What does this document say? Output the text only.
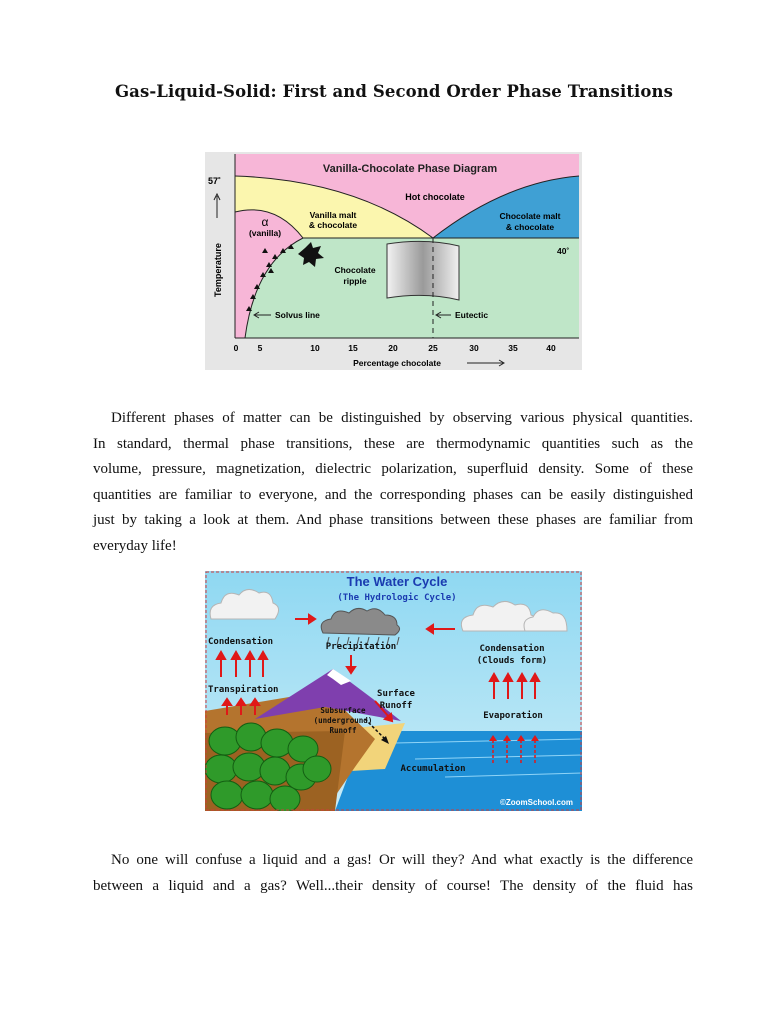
Gas-Liquid-Solid: First and Second Order Phase Transitions
Vanilla-Chocolate Phase Diagram
57˚
Temperature
α
(vanilla)
Hot chocolate
Vanilla malt
& chocolate
Chocolate malt
& chocolate
40˚
Chocolate
ripple
Solvus line	Eutectic
0 5	10	15	20	25	30	35	40
Percentage chocolate
Different phases of matter can be distinguished by observing various physical quantities.
In standard, thermal phase transitions, these are thermodynamic quantities such as the
volume, pressure, magnetization, dielectric polarization, superfluid density. Some of these
quantities are familiar to everyone, and the corresponding phases can be easily distinguished
just by taking a look at them. And phase transitions between these phases are familiar from
everyday life!
The Water Cycle
(The Hydrologic Cycle)
Condensation	Precipitation	Condensation
(Clouds form)
Transpiration	Surface
Runoff
Subsurface
(underground)
Runoff
Evaporation
Accumulation
©ZoomSchool.com
No one will confuse a liquid and a gas! Or will they? And what exactly is the difference
between a liquid and a gas? Well...their density of course! The density of the fluid has
